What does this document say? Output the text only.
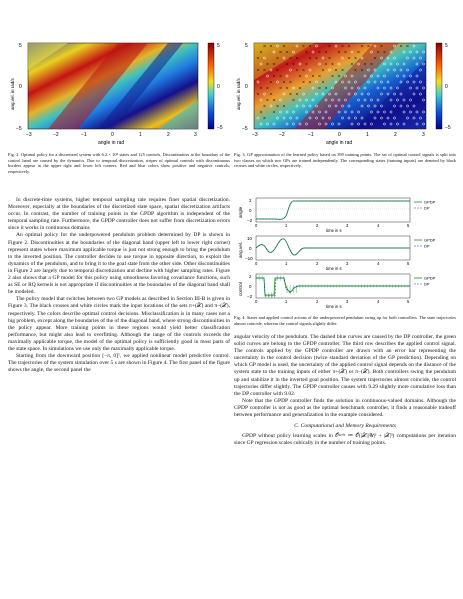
5
0
−5
5
0
−5
−3	−2	−1	0	1	2	3
angle in rad
ang.vel. in rad/s
Fig. 2. Optimal policy for a discretized system with 6.2 × 10⁵ states and 125 controls. Discontinuities at the boundary of the control band are caused by the dynamics. Due to temporal discretization, stripes of optimal controls with discontinuous borders appear in the upper right and lower left corners. Red and blue colors show positive and negative controls, respectively.
5
0
−5
5
0
−5
−3	−2	−1	0	1	2	3
angle in rad
ang.vel. in rad/s
Fig. 3. GP approximation of the learned policy based on 399 training points. The set of optimal control signals is split into two classes on which two GPs are trained independently. The corresponding states (training inputs) are denoted by black crosses and white circles, respectively.

In discrete-time systems, higher temporal sampling rate requires finer spatial discretization. Moreover, especially at the boundaries of the discretized state space, spatial discretization artifacts occur. In contrast, the number of training points in the GPDP algorithm is independent of the temporal sampling rate. Furthermore, the GPDP controller does not suffer from discretization errors since it works in continuous domains

An optimal policy for the underpowered pendulum problem determined by DP is shown in Figure 2. Discontinuities at the boundaries of the diagonal band (upper left to lower right corner) represent states where maximum applicable torque is just not strong enough to bring the pendulum to the inverted position. The controller decides to use torque in opposite direction, to exploit the dynamics of the pendulum, and to bring it to the goal state from the other side. Other discontinuities in Figure 2 are largely due to temporal discretization and decline with higher sampling rates. Figure 2 also shows that a GP model for this policy using smoothness favoring covariance functions, such as SE or RQ kernels is not appropriate if discontinuities at the boundaries of the diagonal band shall be modeled.

The policy model that switches between two GP models as described in Section III-B is given in Figure 3. The black crosses and white circles mark the input locations of the sets π+(𝒳) and π−(𝒳), respectively. The colors describe optimal control decisions. Misclassification is in many cases not a big problem, except along the boundaries of the of the diagonal band, where strong discontinuities in the policy appear. More training points in these regions would yield better classification performance, but might also lead to overfitting. Although the range of the controls exceeds the maximally applicable torque, the model of the optimal policy is sufficiently good in most parts of the state space. In simulations we use only the maximally applicable torque.

Starting from the downward position [−π, 0]ᵀ, we applied nonlinear model predictive control. The trajectories of the system simulation over 5 s are shown in Figure 4. The first panel of the figure shows the angle, the second panel the

angle
2
0
−2
0	1	2	3	4	5
time in s
GPDP
DP
ang.vel.
10
0
−10
0	1	2	3	4	5
time in s
GPDP
DP
control
2
0
−2
0	1	2	3	4	5
time in s
GPDP
DP
Fig. 4. States and applied control actions of the underpowered pendulum swing up for both controllers. The state trajectories almost coincide, whereas the control signals slightly differ.

angular velocity of the pendulum. The dashed blue curves are caused by the DP controller, the green solid curves are belong to the GPDP controller. The third row describes the applied control signal. The controls applied by the GPDP controller are drawn with an error bar representing the uncertainty in the control decision (twice standard deviation of the GP prediction). Depending on which GP model is used, the uncertainty of the applied control signal depends on the distance of the system state to the training inputs of either π+(𝒳) or π−(𝒳). Both controllers swing the pendulum up and stabilize it in the inverted goal position. The system trajectories almost coincide, the control trajectories differ slightly. The GPDP controller causes with 9.29 slightly more cumulative loss than the DP controller with 9.02.

Note that the GPDP controller finds the solution in continuous-valued domains. Although the GPDP controller is not as good as the optimal benchmark controller, it finds a reasonable tradeoff between performance and generalization in the example considered.

C. Computational and Memory Requirements

GPDP without policy learning scales in 𝒪ᵍᵖᵈᵖ ≔ 𝒪(|𝒳||𝒰|² + |𝒳|³) computations per iteration since GP regression scales cubically in the number of training points.
